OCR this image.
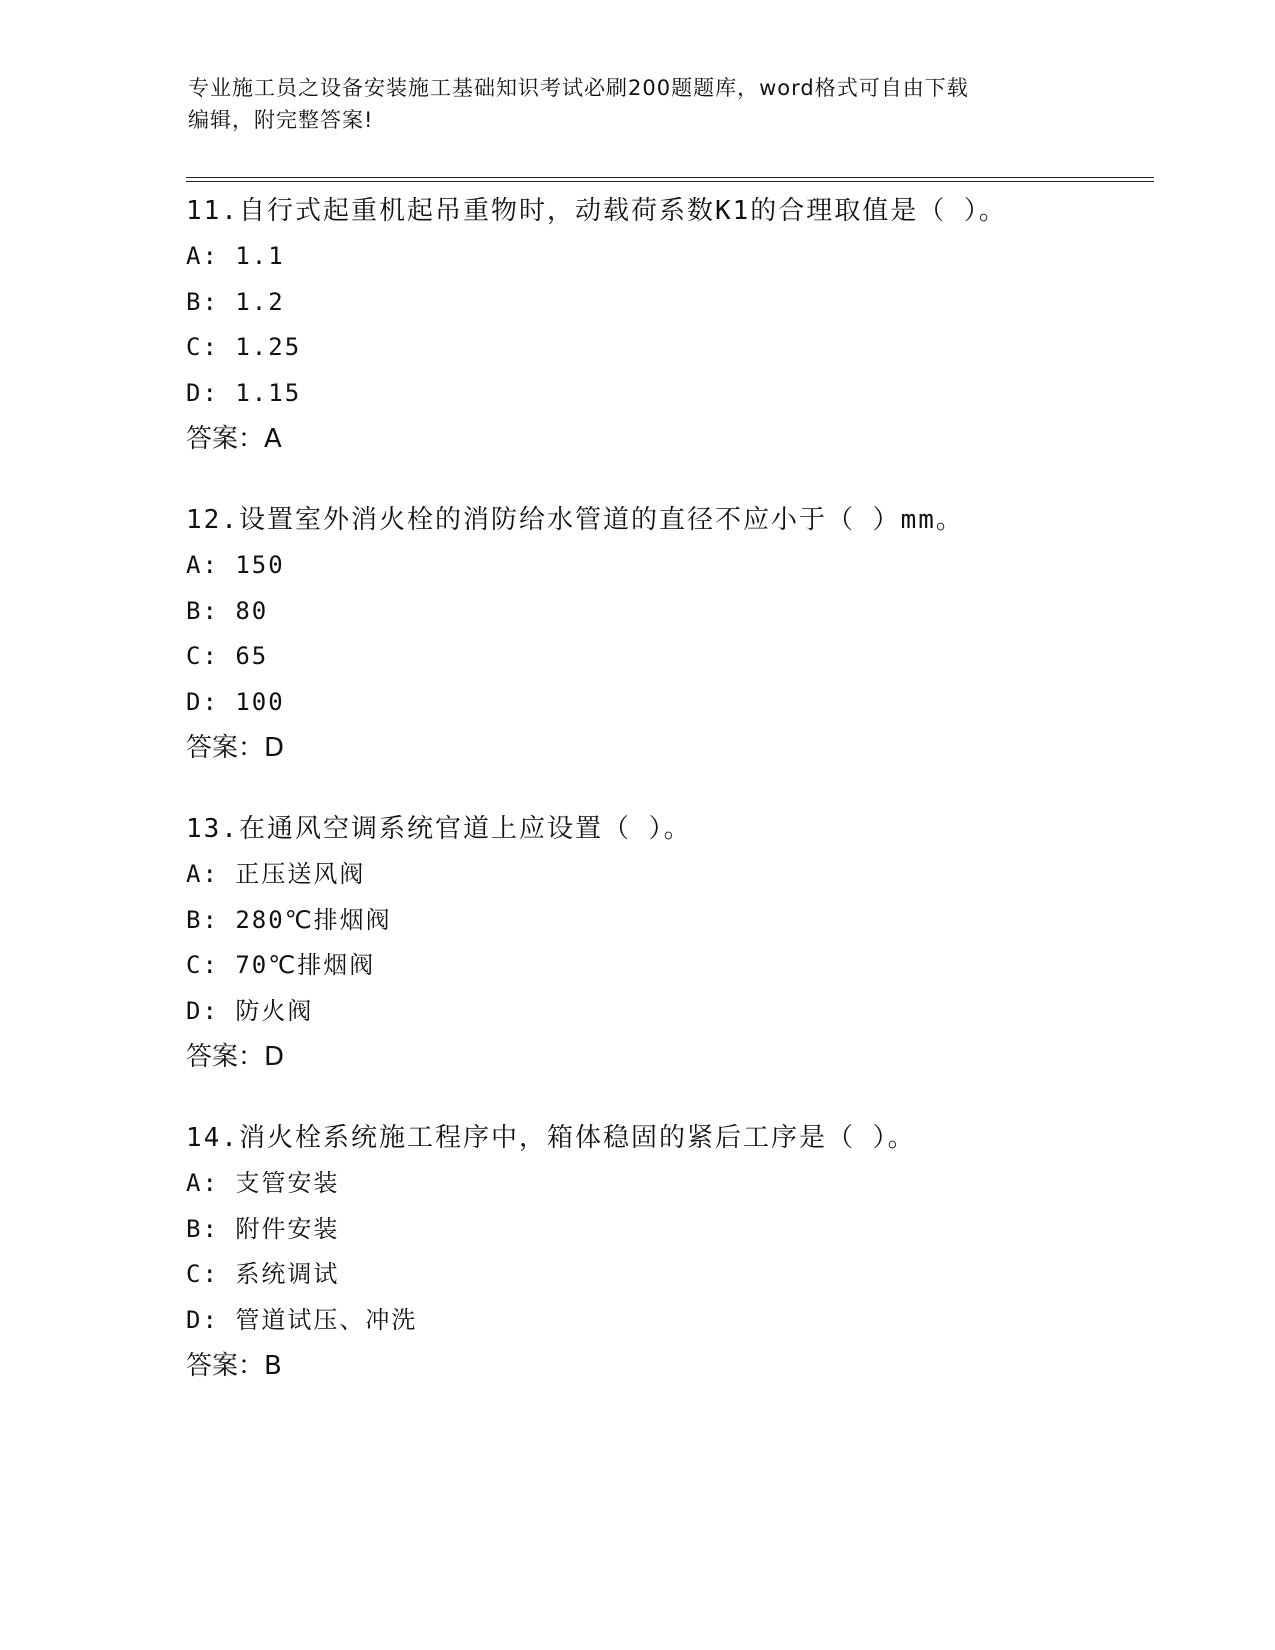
专业施工员之设备安装施工基础知识考试必刷200题题库，word格式可自由下载
编辑，附完整答案!

11.自行式起重机起吊重物时，动载荷系数K1的合理取值是（ ）。

A: 1.1

B: 1.2

C: 1.25

D: 1.15

答案：A

12.设置室外消火栓的消防给水管道的直径不应小于（ ）mm。

A: 150

B: 80

C: 65

D: 100

答案：D

13.在通风空调系统官道上应设置（ ）。

A: 正压送风阀

B: 280℃排烟阀

C: 70℃排烟阀

D: 防火阀

答案：D

14.消火栓系统施工程序中，箱体稳固的紧后工序是（ ）。

A: 支管安装

B: 附件安装

C: 系统调试

D: 管道试压、冲洗

答案：B
